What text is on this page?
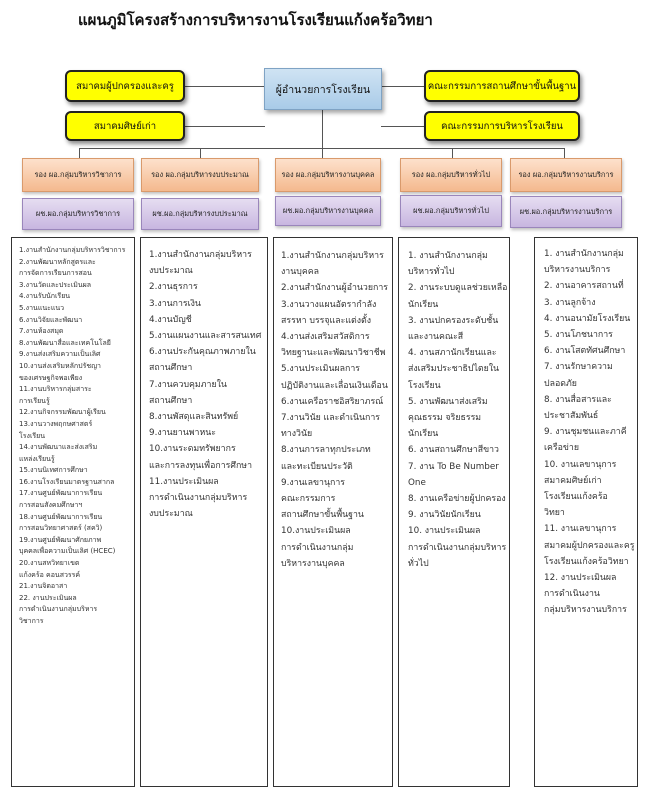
แผนภูมิโครงสร้างการบริหารงานโรงเรียนแก้งคร้อวิทยา
สมาคมผู้ปกครองและครู
สมาคมศิษย์เก่า
ผู้อำนวยการโรงเรียน	คณะกรรมการสถานศึกษาขั้นพื้นฐาน
คณะกรรมการบริหารโรงเรียน
รอง ผอ.กลุ่มบริหารวิชาการ
ผช.ผอ.กลุ่มบริหารวิชาการ
1.งานสำนักงานกลุ่มบริหารวิชาการ
2.งานพัฒนาหลักสูตรและ
การจัดการเรียนการสอน
3.งานวัดและประเมินผล
4.งานรับนักเรียน
5.งานแนะแนว
6.งานวิจัยและพัฒนา
7.งานห้องสมุด
8.งานพัฒนาสื่อและเทคโนโลยี
9.งานส่งเสริมความเป็นเลิศ
10.งานส่งเสริมหลักปรัชญา
ของเศรษฐกิจพอเพียง
11.งานบริหารกลุ่มสาระ
การเรียนรู้
12.งานกิจกรรมพัฒนาผู้เรียน
13.งานวางพฤกษศาสตร์
โรงเรียน
14.งานพัฒนาและส่งเสริม
แหล่งเรียนรู้
15.งานนิเทศการศึกษา
16.งานโรงเรียนมาตรฐานสากล
17.งานศูนย์พัฒนาการเรียน
การสอนสังคมศึกษาฯ
18.งานศูนย์พัฒนาการเรียน
การสอนวิทยาศาสตร์ (สควิ)
19.งานศูนย์พัฒนาศักยภาพ
บุคคลเพื่อความเป็นเลิศ (HCEC)
20.งานสหวิทยาเขต
แก้งคร้อ คอนสวรรค์
21.งานจิตอาสา
22. งานประเมินผล
การดำเนินงานกลุ่มบริหาร
วิชาการ
รอง ผอ.กลุ่มบริหารงบประมาณ
ผช.ผอ.กลุ่มบริหารงบประมาณ
1.งานสำนักงานกลุ่มบริหาร
งบประมาณ
2.งานธุรการ
3.งานการเงิน
4.งานบัญชี
5.งานแผนงานและสารสนเทศ
6.งานประกันคุณภาพภายใน
สถานศึกษา
7.งานควบคุมภายใน
สถานศึกษา
8.งานพัสดุและสินทรัพย์
9.งานยานพาหนะ
10.งานระดมทรัพยากร
และการลงทุนเพื่อการศึกษา
11.งานประเมินผล
การดำเนินงานกลุ่มบริหาร
งบประมาณ
รอง ผอ.กลุ่มบริหารงานบุคคล
ผช.ผอ.กลุ่มบริหารงานบุคคล
1.งานสำนักงานกลุ่มบริหาร
งานบุคคล
2.งานสำนักงานผู้อำนวยการ
3.งานวางแผนอัตรากำลัง
สรรหา บรรจุและแต่งตั้ง
4.งานส่งเสริมสวัสดิการ
วิทยฐานะและพัฒนาวิชาชีพ
5.งานประเมินผลการ
ปฏิบัติงานและเลื่อนเงินเดือน
6.งานเครือราชอิสริยาภรณ์
7.งานวินัย และดำเนินการ
ทางวินัย
8.งานการลาทุกประเภท
และทะเบียนประวัติ
9.งานเลขานุการ
คณะกรรมการ
สถานศึกษาขั้นพื้นฐาน
10.งานประเมินผล
การดำเนินงานกลุ่ม
บริหารงานบุคคล
รอง ผอ.กลุ่มบริหารทั่วไป
ผช.ผอ.กลุ่มบริหารทั่วไป
1. งานสำนักงานกลุ่ม
บริหารทั่วไป
2. งานระบบดูแลช่วยเหลือ
นักเรียน
3. งานปกครองระดับชั้น
และงานคณะสี
4. งานสภานักเรียนและ
ส่งเสริมประชาธิปไตยใน
โรงเรียน
5. งานพัฒนาส่งเสริม
คุณธรรม จริยธรรม
นักเรียน
6. งานสถานศึกษาสีขาว
7. งาน To Be Number One
8. งานเครือข่ายผู้ปกครอง
9. งานวินัยนักเรียน
10. งานประเมินผล
การดำเนินงานกลุ่มบริหาร
ทั่วไป
รอง ผอ.กลุ่มบริหารงานบริการ
ผช.ผอ.กลุ่มบริหารงานบริการ
1. งานสำนักงานกลุ่ม
บริหารงานบริการ
2. งานอาคารสถานที่
3. งานลูกจ้าง
4. งานอนามัยโรงเรียน
5. งานโภชนาการ
6. งานโสตทัศนศึกษา
7. งานรักษาความ
ปลอดภัย
8. งานสื่อสารและ
ประชาสัมพันธ์
9. งานชุมชนและภาคี
เครือข่าย
10. งานเลขานุการ
สมาคมศิษย์เก่า
โรงเรียนแก้งคร้อ
วิทยา
11. งานเลขานุการ
สมาคมผู้ปกครองและครู
โรงเรียนแก้งคร้อวิทยา
12. งานประเมินผล
การดำเนินงาน
กลุ่มบริหารงานบริการ
